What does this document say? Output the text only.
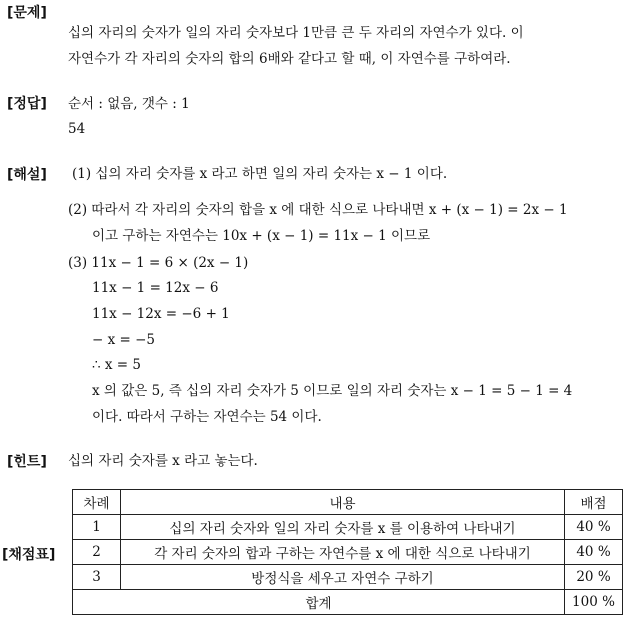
[문제]
십의 자리의 숫자가 일의 자리 숫자보다 1만큼 큰 두 자리의 자연수가 있다. 이
자연수가 각 자리의 숫자의 합의 6배와 같다고 할 때, 이 자연수를 구하여라.
[정답] 순서 : 없음, 갯수 : 1
54
[해설] (1) 십의 자리 숫자를 x 라고 하면 일의 자리 숫자는 x − 1 이다.
(2) 따라서 각 자리의 숫자의 합을 x 에 대한 식으로 나타내면 x + (x − 1) = 2x − 1
이고 구하는 자연수는 10x + (x − 1) = 11x − 1 이므로
(3) 11x − 1 = 6 × (2x − 1)
11x − 1 = 12x − 6
11x − 12x = −6 + 1
− x = −5
∴ x = 5
x 의 값은 5, 즉 십의 자리 숫자가 5 이므로 일의 자리 숫자는 x − 1 = 5 − 1 = 4
이다. 따라서 구하는 자연수는 54 이다.
[힌트] 십의 자리 숫자를 x 라고 놓는다.
[채점표]
차례	내용	배점
1	십의 자리 숫자와 일의 자리 숫자를 x 를 이용하여 나타내기	40 %
2	각 자리 숫자의 합과 구하는 자연수를 x 에 대한 식으로 나타내기	40 %
3	방정식을 세우고 자연수 구하기	20 %
합계		100 %
